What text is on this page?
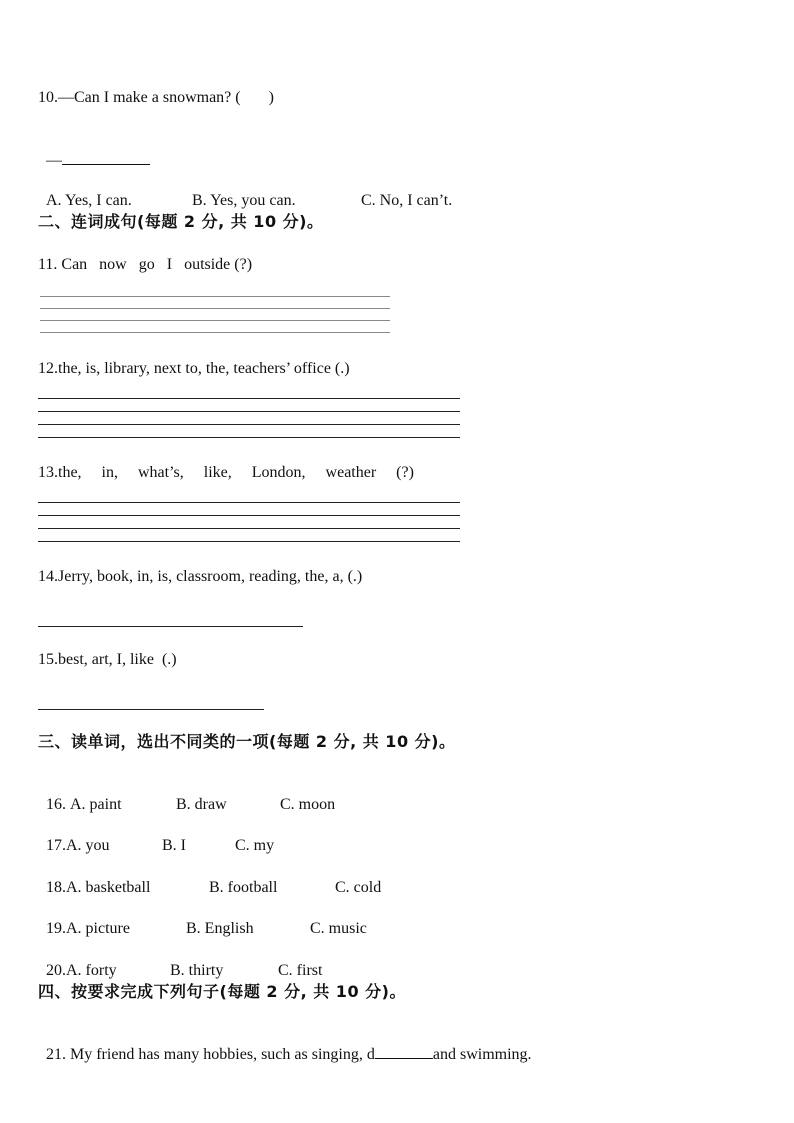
10.—Can I make a snowman? (       )

—

A. Yes, I can.	B. Yes, you can.	C. No, I can’t.

二、连词成句(每题 2 分, 共 10 分)。
11. Can   now   go   I   outside (?)
12.the, is, library, next to, the, teachers’ office (.)
13.the,     in,     what’s,     like,     London,     weather     (?)
14.Jerry, book, in, is, classroom, reading, the, a, (.)
15.best, art, I, like  (.)
三、读单词，选出不同类的一项(每题 2 分, 共 10 分)。

16. A. paint	B. draw	C. moon

17.A. you	B. I	C. my

18.A. basketball	B. football	C. cold

19.A. picture	B. English	C. music

20.A. forty	B. thirty	C. first

四、按要求完成下列句子(每题 2 分, 共 10 分)。

21. My friend has many hobbies, such as singing, d	and swimming.
